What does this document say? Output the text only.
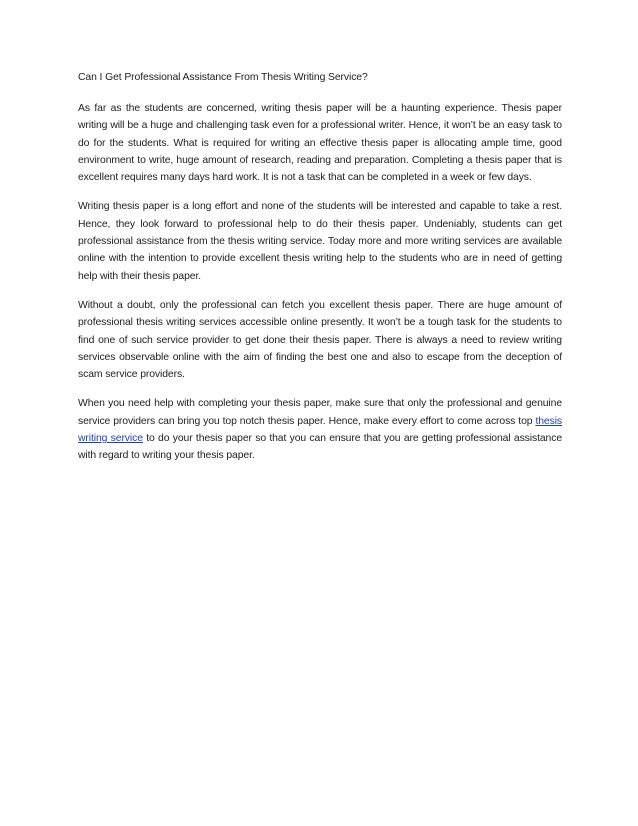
Can I Get Professional Assistance From Thesis Writing Service?

As far as the students are concerned, writing thesis paper will be a haunting experience. Thesis paper writing will be a huge and challenging task even for a professional writer. Hence, it won’t be an easy task to do for the students. What is required for writing an effective thesis paper is allocating ample time, good environment to write, huge amount of research, reading and preparation. Completing a thesis paper that is excellent requires many days hard work. It is not a task that can be completed in a week or few days.

Writing thesis paper is a long effort and none of the students will be interested and capable to take a rest. Hence, they look forward to professional help to do their thesis paper. Undeniably, students can get professional assistance from the thesis writing service. Today more and more writing services are available online with the intention to provide excellent thesis writing help to the students who are in need of getting help with their thesis paper.

Without a doubt, only the professional can fetch you excellent thesis paper. There are huge amount of professional thesis writing services accessible online presently. It won’t be a tough task for the students to find one of such service provider to get done their thesis paper. There is always a need to review writing services observable online with the aim of finding the best one and also to escape from the deception of scam service providers.

When you need help with completing your thesis paper, make sure that only the professional and genuine service providers can bring you top notch thesis paper. Hence, make every effort to come across top thesis writing service to do your thesis paper so that you can ensure that you are getting professional assistance with regard to writing your thesis paper.
